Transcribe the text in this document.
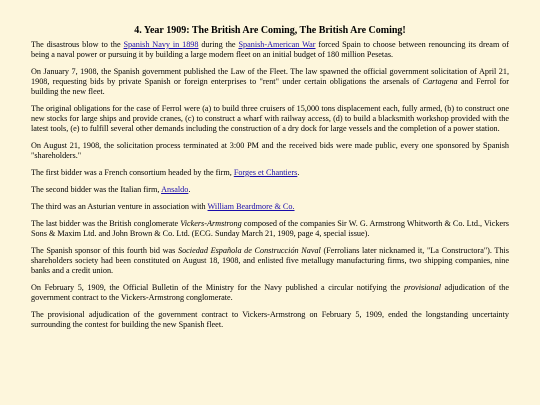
4. Year 1909: The British Are Coming, The British Are Coming!

The disastrous blow to the Spanish Navy in 1898 during the Spanish-American War forced Spain to choose between renouncing its dream of being a naval power or pursuing it by building a large modern fleet on an initial budget of 180 million Pesetas.

On January 7, 1908, the Spanish government published the Law of the Fleet. The law spawned the official government solicitation of April 21, 1908, requesting bids by private Spanish or foreign enterprises to "rent" under certain obligations the arsenals of Cartagena and Ferrol for building the new fleet.

The original obligations for the case of Ferrol were (a) to build three cruisers of 15,000 tons displacement each, fully armed, (b) to construct one new stocks for large ships and provide cranes, (c) to construct a wharf with railway access, (d) to build a blacksmith workshop provided with the latest tools, (e) to fulfill several other demands including the construction of a dry dock for large vessels and the completion of a power station.

On August 21, 1908, the solicitation process terminated at 3:00 PM and the received bids were made public, every one sponsored by Spanish "shareholders."

The first bidder was a French consortium headed by the firm, Forges et Chantiers.

The second bidder was the Italian firm, Ansaldo.

The third was an Asturian venture in association with William Beardmore & Co.

The last bidder was the British conglomerate Vickers-Armstrong composed of the companies Sir W. G. Armstrong Whitworth & Co. Ltd., Vickers Sons & Maxim Ltd. and John Brown & Co. Ltd. (ECG. Sunday March 21, 1909, page 4, special issue).

The Spanish sponsor of this fourth bid was Sociedad Española de Construcción Naval (Ferrolians later nicknamed it, "La Constructora"). This shareholders society had been constituted on August 18, 1908, and enlisted five metallugy manufacturing firms, two shipping companies, nine banks and a credit union.

On February 5, 1909, the Official Bulletin of the Ministry for the Navy published a circular notifying the provisional adjudication of the government contract to the Vickers-Armstrong conglomerate.

The provisional adjudication of the government contract to Vickers-Armstrong on February 5, 1909, ended the longstanding uncertainty surrounding the contest for building the new Spanish fleet.
